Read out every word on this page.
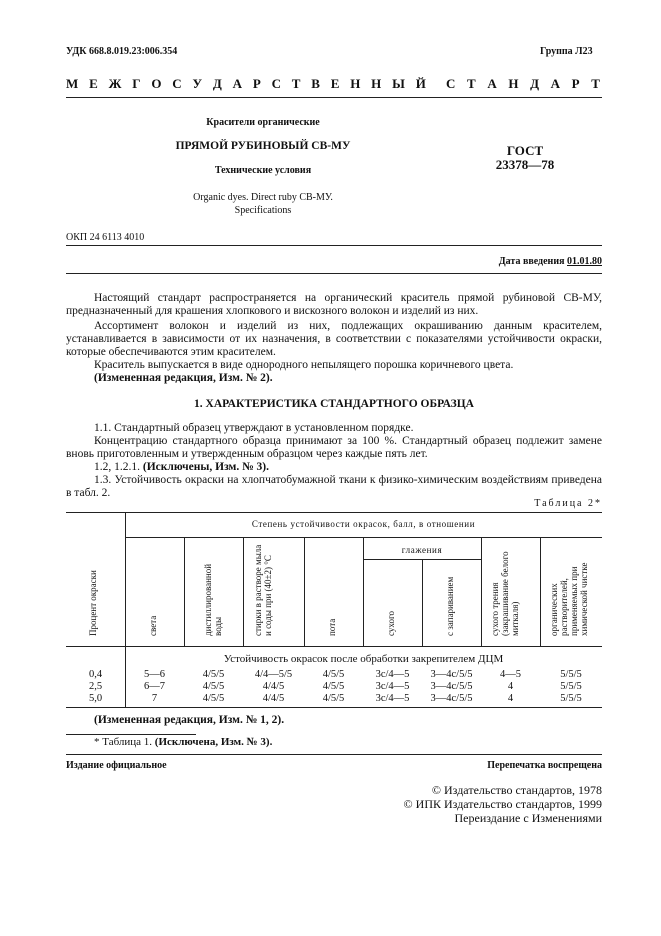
УДК 668.8.019.23:006.354	Группа Л23
М Е Ж Г О С У Д А Р С Т В Е Н Н Ы Й С Т А Н Д А Р Т
Красители органические
ПРЯМОЙ РУБИНОВЫЙ СВ-МУ
Технические условия
Organic dyes. Direct ruby CB-МУ.
Specifications
ГОСТ
23378—78
ОКП 24 6113 4010
Дата введения 01.01.80
Настоящий стандарт распространяется на органический краситель прямой рубиновой СВ-МУ, предназначенный для крашения хлопкового и вискозного волокон и изделий из них.
Ассортимент волокон и изделий из них, подлежащих окрашиванию данным красителем, устанавливается в зависимости от их назначения, в соответствии с показателями устойчивости окраски, которые обеспечиваются этим красителем.
Краситель выпускается в виде однородного непылящего порошка коричневого цвета.
(Измененная редакция, Изм. № 2).
1. ХАРАКТЕРИСТИКА СТАНДАРТНОГО ОБРАЗЦА
1.1. Стандартный образец утверждают в установленном порядке.
Концентрацию стандартного образца принимают за 100 %. Стандартный образец подлежит замене вновь приготовленным и утвержденным образцом через каждые пять лет.
1.2, 1.2.1. (Исключены, Изм. № 3).
1.3. Устойчивость окраски на хлопчатобумажной ткани к физико-химическим воздействиям приведена в табл. 2.
Таблица 2*
Степень устойчивости окрасок, балл, в отношении
глажения
Процент окраски	света	дистиллированной воды	стирки в растворе мыла и соды при (40±2) °С	пота	сухого	с запариванием	сухого трения (закрашивание белого миткаля)	органических растворителей, применяемых при химической чистке
Устойчивость окрасок после обработки закрепителем ДЦМ
0,4	5—6	4/5/5	4/4—5/5	4/5/5	3с/4—5	3—4с/5/5	4—5	5/5/5
2,5	6—7	4/5/5	4/4/5	4/5/5	3с/4—5	3—4с/5/5	4	5/5/5
5,0	7	4/5/5	4/4/5	4/5/5	3с/4—5	3—4с/5/5	4	5/5/5
(Измененная редакция, Изм. № 1, 2).
* Таблица 1. (Исключена, Изм. № 3).
Издание официальное	Перепечатка воспрещена
© Издательство стандартов, 1978
© ИПК Издательство стандартов, 1999
Переиздание с Изменениями
